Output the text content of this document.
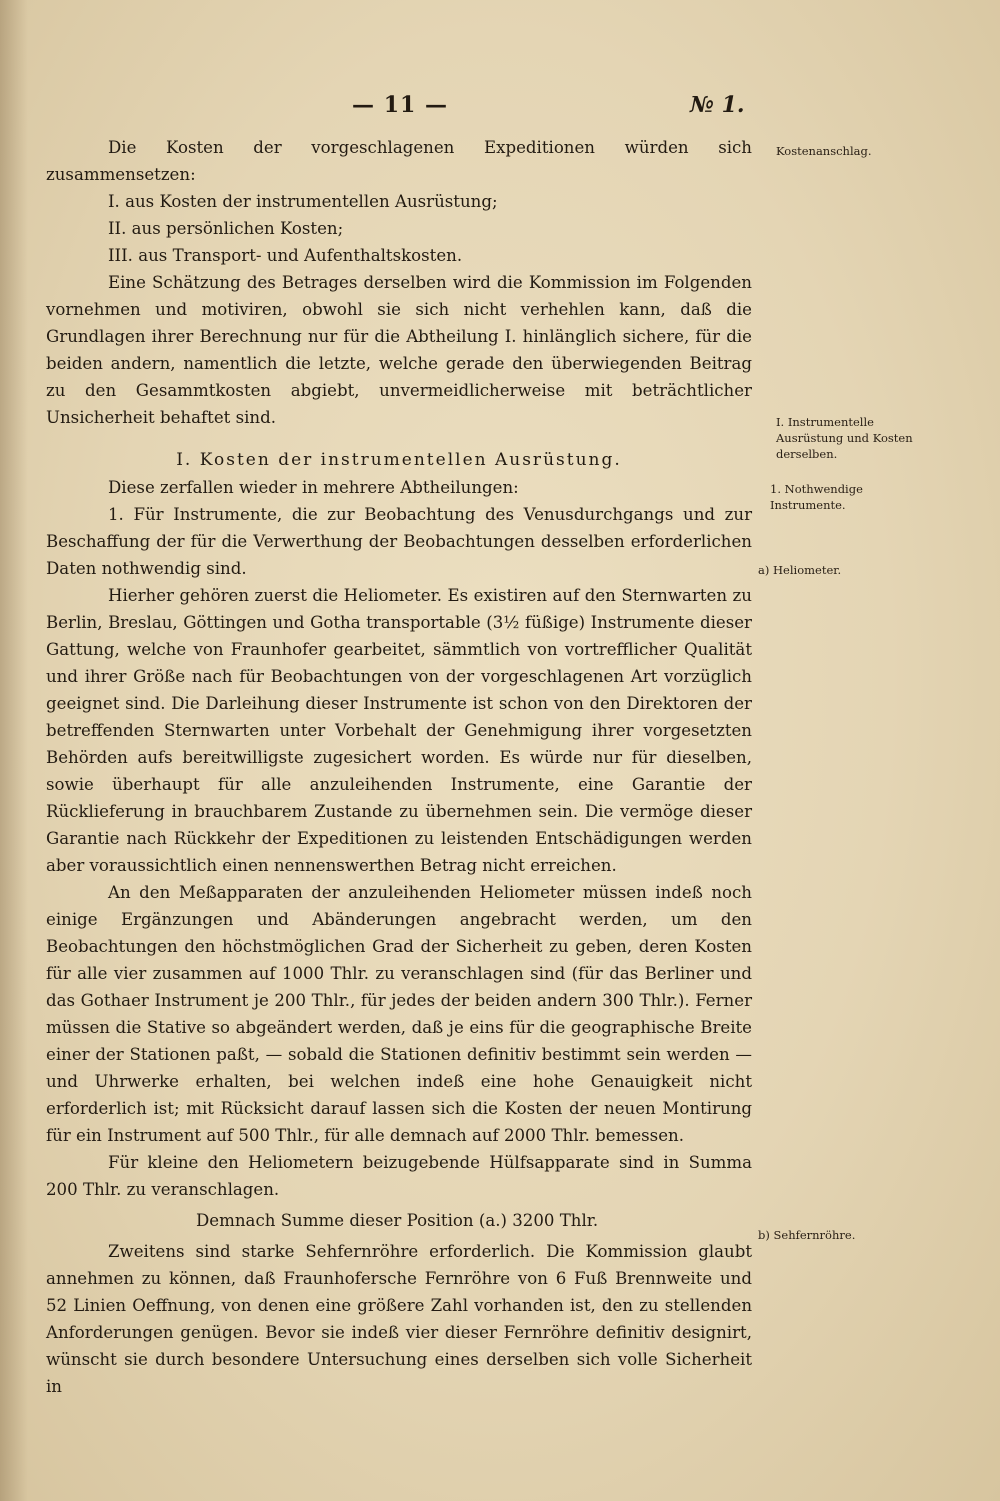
— 11 —	№ 1.

Die Kosten der vorgeschlagenen Expeditionen würden sich zusammensetzen:

I. aus Kosten der instrumentellen Ausrüstung;

II. aus persönlichen Kosten;

III. aus Transport- und Aufenthaltskosten.

Eine Schätzung des Betrages derselben wird die Kommission im Folgenden vornehmen und motiviren, obwohl sie sich nicht verhehlen kann, daß die Grundlagen ihrer Berechnung nur für die Abtheilung I. hinlänglich sichere, für die beiden andern, namentlich die letzte, welche gerade den überwiegenden Beitrag zu den Gesammtkosten abgiebt, unvermeidlicherweise mit beträchtlicher Unsicherheit behaftet sind.

I. Kosten der instrumentellen Ausrüstung.

Diese zerfallen wieder in mehrere Abtheilungen:

1. Für Instrumente, die zur Beobachtung des Venusdurchgangs und zur Beschaffung der für die Verwerthung der Beobachtungen desselben erforderlichen Daten nothwendig sind.

Hierher gehören zuerst die Heliometer. Es existiren auf den Sternwarten zu Berlin, Breslau, Göttingen und Gotha transportable (3½ füßige) Instrumente dieser Gattung, welche von Fraunhofer gearbeitet, sämmtlich von vortrefflicher Qualität und ihrer Größe nach für Beobachtungen von der vorgeschlagenen Art vorzüglich geeignet sind. Die Darleihung dieser Instrumente ist schon von den Direktoren der betreffenden Sternwarten unter Vorbehalt der Genehmigung ihrer vorgesetzten Behörden aufs bereitwilligste zugesichert worden. Es würde nur für dieselben, sowie überhaupt für alle anzuleihenden Instrumente, eine Garantie der Rücklieferung in brauchbarem Zustande zu übernehmen sein. Die vermöge dieser Garantie nach Rückkehr der Expeditionen zu leistenden Entschädigungen werden aber voraussichtlich einen nennenswerthen Betrag nicht erreichen.

An den Meßapparaten der anzuleihenden Heliometer müssen indeß noch einige Ergänzungen und Abänderungen angebracht werden, um den Beobachtungen den höchstmöglichen Grad der Sicherheit zu geben, deren Kosten für alle vier zusammen auf 1000 Thlr. zu veranschlagen sind (für das Berliner und das Gothaer Instrument je 200 Thlr., für jedes der beiden andern 300 Thlr.). Ferner müssen die Stative so abgeändert werden, daß je eins für die geographische Breite einer der Stationen paßt, — sobald die Stationen definitiv bestimmt sein werden — und Uhrwerke erhalten, bei welchen indeß eine hohe Genauigkeit nicht erforderlich ist; mit Rücksicht darauf lassen sich die Kosten der neuen Montirung für ein Instrument auf 500 Thlr., für alle demnach auf 2000 Thlr. bemessen.

Für kleine den Heliometern beizugebende Hülfsapparate sind in Summa 200 Thlr. zu veranschlagen.

Demnach Summe dieser Position (a.) 3200 Thlr.

Zweitens sind starke Sehfernröhre erforderlich. Die Kommission glaubt annehmen zu können, daß Fraunhofersche Fernröhre von 6 Fuß Brennweite und 52 Linien Oeffnung, von denen eine größere Zahl vorhanden ist, den zu stellenden Anforderungen genügen. Bevor sie indeß vier dieser Fernröhre definitiv designirt, wünscht sie durch besondere Untersuchung eines derselben sich volle Sicherheit in

Kostenanschlag.
I. Instrumentelle Ausrüstung und Kosten derselben.
1. Nothwendige Instrumente.
a) Heliometer.
b) Sehfernröhre.
